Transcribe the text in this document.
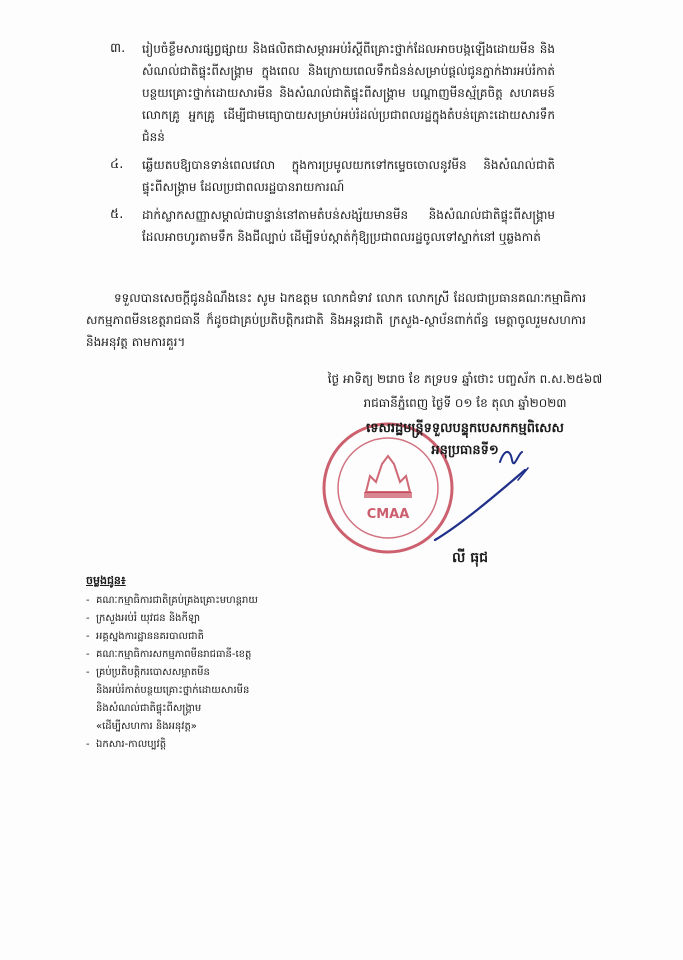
៣.	រៀបចំខ្លឹមសារផ្សព្វផ្សាយ និងផលិតជាសម្ភារអប់រំស្តីពីគ្រោះថ្នាក់ដែលអាចបង្កឡើងដោយមីន និងសំណល់ជាតិផ្ទុះពីសង្គ្រាម ក្នុងពេល និងក្រោយពេលទឹកជំនន់សម្រាប់ផ្តល់ជូនភ្នាក់ងារអប់រំកាត់បន្ថយគ្រោះថ្នាក់ដោយសារមីន និងសំណល់ជាតិផ្ទុះពីសង្គ្រាម បណ្តាញមីនស្ម័គ្រចិត្ត សហគមន៍ លោកគ្រូ អ្នកគ្រូ ដើម្បីជាមធ្យោបាយសម្រាប់អប់រំដល់ប្រជាពលរដ្ឋក្នុងតំបន់គ្រោះដោយសារទឹកជំនន់
៤.	ឆ្លើយតបឱ្យបានទាន់ពេលវេលា ក្នុងការប្រមូលយកទៅកម្ទេចចោលនូវមីន និងសំណល់ជាតិផ្ទុះពីសង្គ្រាម ដែលប្រជាពលរដ្ឋបានរាយការណ៍
៥.	ដាក់ស្លាកសញ្ញាសម្គាល់ជាបន្ទាន់នៅតាមតំបន់សង្ស័យមានមីន និងសំណល់ជាតិផ្ទុះពីសង្គ្រាម ដែលអាចហូរតាមទឹក និងជីល្បាប់ ដើម្បីទប់ស្កាត់កុំឱ្យប្រជាពលរដ្ឋចូលទៅស្ទាក់នៅ ឬឆ្លងកាត់
ទទួលបានសេចក្តីជូនដំណឹងនេះ សូម ឯកឧត្តម លោកជំទាវ លោក លោកស្រី ដែលជាប្រធានគណៈកម្មាធិការសកម្មភាពមីនខេត្តរាជធានី ក៏ដូចជាគ្រប់ប្រតិបត្តិករជាតិ និងអន្តរជាតិ ក្រសួង-ស្ថាប័នពាក់ព័ន្ធ មេត្តាចូលរួមសហការ និងអនុវត្ត តាមការគួរ។
ថ្ងៃ អាទិត្យ ២រោច ខែ ភទ្របទ ឆ្នាំថោះ បញ្ចស័ក ព.ស.២៥៦៧
រាជធានីភ្នំពេញ ថ្ងៃទី ០១ ខែ តុលា ឆ្នាំ២០២៣
CMAA
ទេសរដ្ឋមន្ត្រីទទួលបន្ទុកបេសកកម្មពិសេស
អនុប្រធានទី១
លី ធុជ
ចម្លងជូន៖
- គណៈកម្មាធិការជាតិគ្រប់គ្រងគ្រោះមហន្តរាយ
- ក្រសួងអប់រំ យុវជន និងកីឡា
- អគ្គស្នងការដ្ឋាននគរបាលជាតិ
- គណៈកម្មាធិការសកម្មភាពមីនរាជធានី-ខេត្ត
- គ្រប់ប្រតិបត្តិករបោសសម្អាតមីន
និងអប់រំកាត់បន្ថយគ្រោះថ្នាក់ដោយសារមីន
និងសំណល់ជាតិផ្ទុះពីសង្គ្រាម
«ដើម្បីសហការ និងអនុវត្ត»
- ឯកសារ-កាលប្បវត្តិ
